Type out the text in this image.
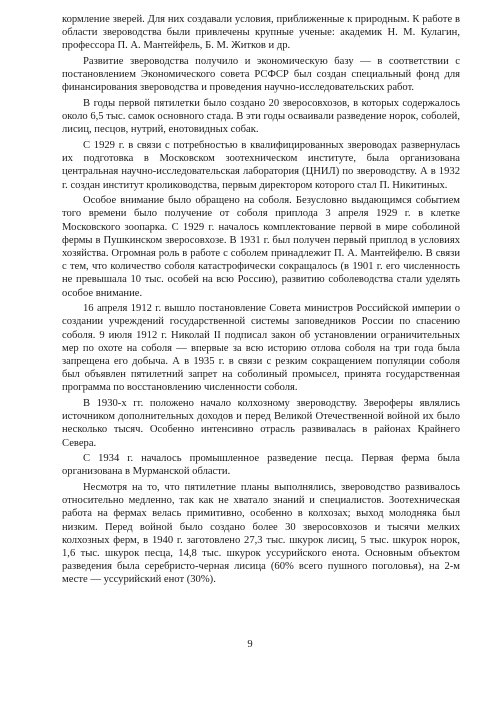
кормление зверей. Для них создавали условия, приближенные к природным. К работе в области звероводства были привлечены крупные ученые: академик Н. М. Кулагин, профессора П. А. Мантейфель, Б. М. Житков и др.

Развитие звероводства получило и экономическую базу — в соответствии с постановлением Экономического совета РСФСР был создан специальный фонд для финансирования звероводства и проведения научно-исследовательских работ.

В годы первой пятилетки было создано 20 зверосовхозов, в которых содержалось около 6,5 тыс. самок основного стада. В эти годы осваивали разведение норок, соболей, лисиц, песцов, нутрий, енотовидных собак.

С 1929 г. в связи с потребностью в квалифицированных звероводах развернулась их подготовка в Московском зоотехническом институте, была организована центральная научно-исследовательская лаборатория (ЦНИЛ) по звероводству. А в 1932 г. создан институт кролиководства, первым директором которого стал П. Никитиных.

Особое внимание было обращено на соболя. Безусловно выдающимся событием того времени было получение от соболя приплода 3 апреля 1929 г. в клетке Московского зоопарка. С 1929 г. началось комплектование первой в мире соболиной фермы в Пушкинском зверосовхозе. В 1931 г. был получен первый приплод в условиях хозяйства. Огромная роль в работе с соболем принадлежит П. А. Мантейфелю. В связи с тем, что количество соболя катастрофически сокращалось (в 1901 г. его численность не превышала 10 тыс. особей на всю Россию), развитию соболеводства стали уделять особое внимание.

16 апреля 1912 г. вышло постановление Совета министров Российской империи о создании учреждений государственной системы заповедников России по спасению соболя. 9 июля 1912 г. Николай II подписал закон об установлении ограничительных мер по охоте на соболя — впервые за всю историю отлова соболя на три года была запрещена его добыча. А в 1935 г. в связи с резким сокращением популяции соболя был объявлен пятилетний запрет на соболиный промысел, принята государственная программа по восстановлению численности соболя.

В 1930-х гг. положено начало колхозному звероводству. Звероферы являлись источником дополнительных доходов и перед Великой Отечественной войной их было несколько тысяч. Особенно интенсивно отрасль развивалась в районах Крайнего Севера.

С 1934 г. началось промышленное разведение песца. Первая ферма была организована в Мурманской области.

Несмотря на то, что пятилетние планы выполнялись, звероводство развивалось относительно медленно, так как не хватало знаний и специалистов. Зоотехническая работа на фермах велась примитивно, особенно в колхозах; выход молодняка был низким. Перед войной было создано более 30 зверосовхозов и тысячи мелких колхозных ферм, в 1940 г. заготовлено 27,3 тыс. шкурок лисиц, 5 тыс. шкурок норок, 1,6 тыс. шкурок песца, 14,8 тыс. шкурок уссурийского енота. Основным объектом разведения была серебристо-черная лисица (60% всего пушного поголовья), на 2-м месте — уссурийский енот (30%).

9
